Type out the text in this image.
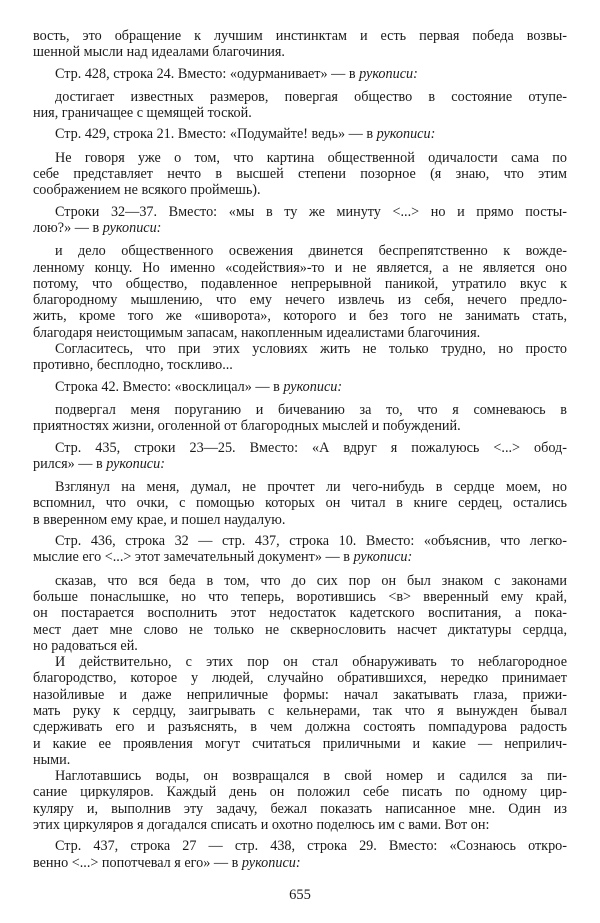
вость, это обращение к лучшим инстинктам и есть первая победа возвы-
шенной мысли над идеалами благочиния.
Стр. 428, строка 24. Вместо: «одурманивает» — в рукописи:
достигает известных размеров, повергая общество в состояние отупе-
ния, граничащее с щемящей тоской.
Стр. 429, строка 21. Вместо: «Подумайте! ведь» — в рукописи:
Не говоря уже о том, что картина общественной одичалости сама по
себе представляет нечто в высшей степени позорное (я знаю, что этим
соображением не всякого проймешь).
Строки 32—37. Вместо: «мы в ту же минуту <...> но и прямо посты-
лою?» — в рукописи:
и дело общественного освежения двинется беспрепятственно к вожде-
ленному концу. Но именно «содействия»-то и не является, а не является оно
потому, что общество, подавленное непрерывной паникой, утратило вкус к
благородному мышлению, что ему нечего извлечь из себя, нечего предло-
жить, кроме того же «шиворота», которого и без того не занимать стать,
благодаря неистощимым запасам, накопленным идеалистами благочиния.
Согласитесь, что при этих условиях жить не только трудно, но просто
противно, бесплодно, тоскливо...
Строка 42. Вместо: «восклицал» — в рукописи:
подвергал меня поруганию и бичеванию за то, что я сомневаюсь в
приятностях жизни, оголенной от благородных мыслей и побуждений.
Стр. 435, строки 23—25. Вместо: «А вдруг я пожалуюсь <...> обод-
рился» — в рукописи:
Взглянул на меня, думал, не прочтет ли чего-нибудь в сердце моем, но
вспомнил, что очки, с помощью которых он читал в книге сердец, остались
в вверенном ему крае, и пошел наудалую.
Стр. 436, строка 32 — стр. 437, строка 10. Вместо: «объяснив, что легко-
мыслие его <...> этот замечательный документ» — в рукописи:
сказав, что вся беда в том, что до сих пор он был знаком с законами
больше понаслышке, но что теперь, воротившись <в> вверенный ему край,
он постарается восполнить этот недостаток кадетского воспитания, а пока-
мест дает мне слово не только не сквернословить насчет диктатуры сердца,
но радоваться ей.
И действительно, с этих пор он стал обнаруживать то неблагородное
благородство, которое у людей, случайно обратившихся, нередко принимает
назойливые и даже неприличные формы: начал закатывать глаза, прижи-
мать руку к сердцу, заигрывать с кельнерами, так что я вынужден бывал
сдерживать его и разъяснять, в чем должна состоять помпадурова радость
и какие ее проявления могут считаться приличными и какие — неприлич-
ными.
Наглотавшись воды, он возвращался в свой номер и садился за пи-
сание циркуляров. Каждый день он положил себе писать по одному цир-
куляру и, выполнив эту задачу, бежал показать написанное мне. Один из
этих циркуляров я догадался списать и охотно поделюсь им с вами. Вот он:
Стр. 437, строка 27 — стр. 438, строка 29. Вместо: «Сознаюсь откро-
венно <...> попотчевал я его» — в рукописи:
655
